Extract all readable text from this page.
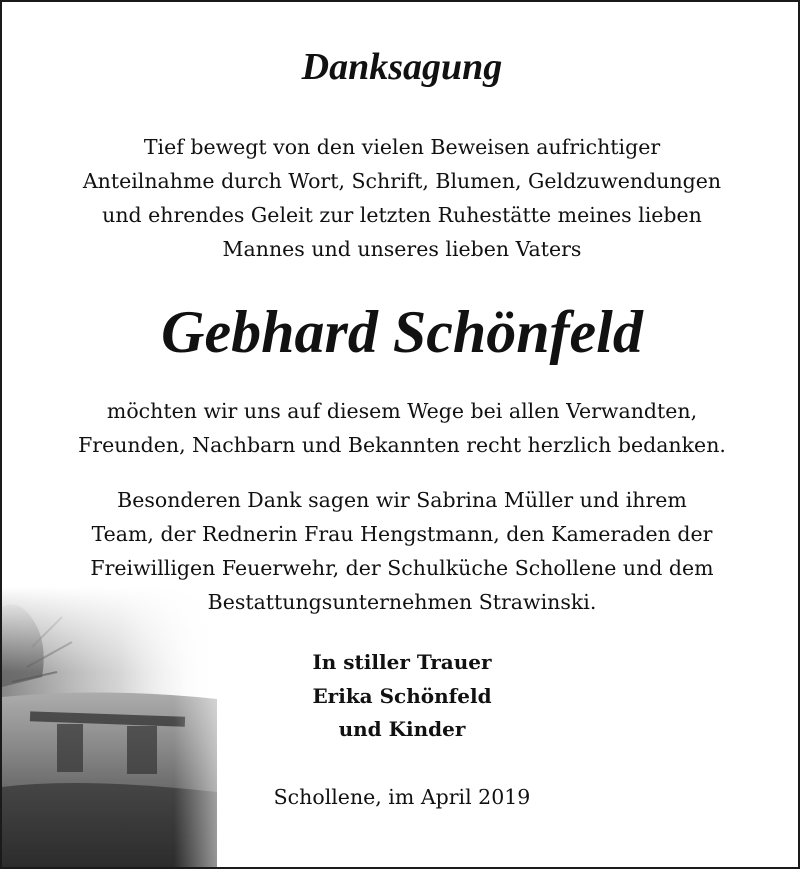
Danksagung
Tief bewegt von den vielen Beweisen aufrichtiger
Anteilnahme durch Wort, Schrift, Blumen, Geldzuwendungen
und ehrendes Geleit zur letzten Ruhestätte meines lieben
Mannes und unseres lieben Vaters
Gebhard Schönfeld
möchten wir uns auf diesem Wege bei allen Verwandten,
Freunden, Nachbarn und Bekannten recht herzlich bedanken.
Besonderen Dank sagen wir Sabrina Müller und ihrem
Team, der Rednerin Frau Hengstmann, den Kameraden der
Freiwilligen Feuerwehr, der Schulküche Schollene und dem
Bestattungsunternehmen Strawinski.
In stiller Trauer
Erika Schönfeld
und Kinder
Schollene, im April 2019
